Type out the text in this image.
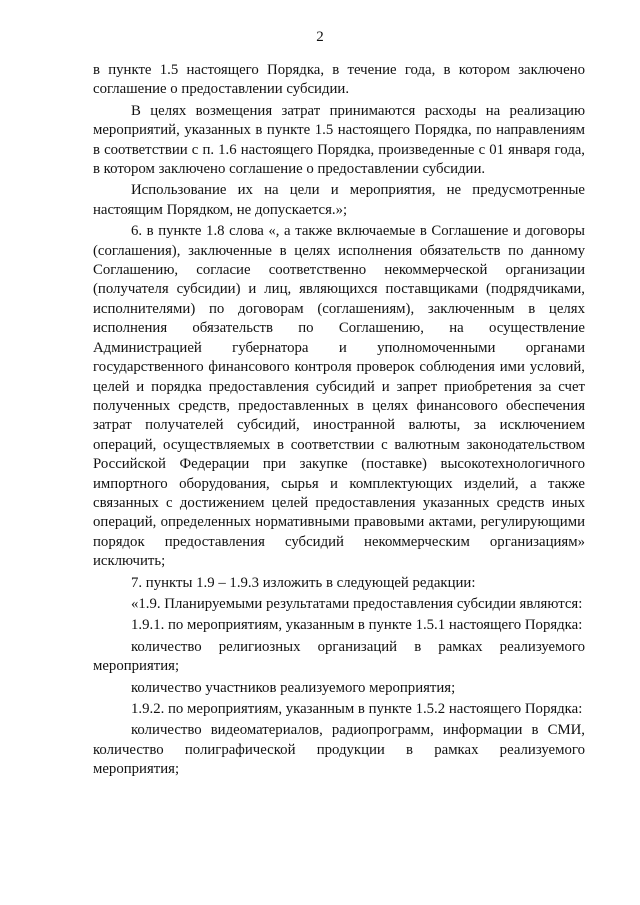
2

в пункте 1.5 настоящего Порядка, в течение года, в котором заключено соглашение о предоставлении субсидии.

В целях возмещения затрат принимаются расходы на реализацию мероприятий, указанных в пункте 1.5 настоящего Порядка, по направлениям в соответствии с п. 1.6 настоящего Порядка, произведенные с 01 января года, в котором заключено соглашение о предоставлении субсидии.

Использование их на цели и мероприятия, не предусмотренные настоящим Порядком, не допускается.»;

6. в пункте 1.8 слова «, а также включаемые в Соглашение и договоры (соглашения), заключенные в целях исполнения обязательств по данному Соглашению, согласие соответственно некоммерческой организации (получателя субсидии) и лиц, являющихся поставщиками (подрядчиками, исполнителями) по договорам (соглашениям), заключенным в целях исполнения обязательств по Соглашению, на осуществление Администрацией губернатора и уполномоченными органами государственного финансового контроля проверок соблюдения ими условий, целей и порядка предоставления субсидий и запрет приобретения за счет полученных средств, предоставленных в целях финансового обеспечения затрат получателей субсидий, иностранной валюты, за исключением операций, осуществляемых в соответствии с валютным законодательством Российской Федерации при закупке (поставке) высокотехнологичного импортного оборудования, сырья и комплектующих изделий, а также связанных с достижением целей предоставления указанных средств иных операций, определенных нормативными правовыми актами, регулирующими порядок предоставления субсидий некоммерческим организациям» исключить;

7. пункты 1.9 – 1.9.3 изложить в следующей редакции:

«1.9. Планируемыми результатами предоставления субсидии являются:

1.9.1. по мероприятиям, указанным в пункте 1.5.1 настоящего Порядка:

количество религиозных организаций в рамках реализуемого мероприятия;

количество участников реализуемого мероприятия;

1.9.2. по мероприятиям, указанным в пункте 1.5.2 настоящего Порядка:

количество видеоматериалов, радиопрограмм, информации в СМИ, количество полиграфической продукции в рамках реализуемого мероприятия;
